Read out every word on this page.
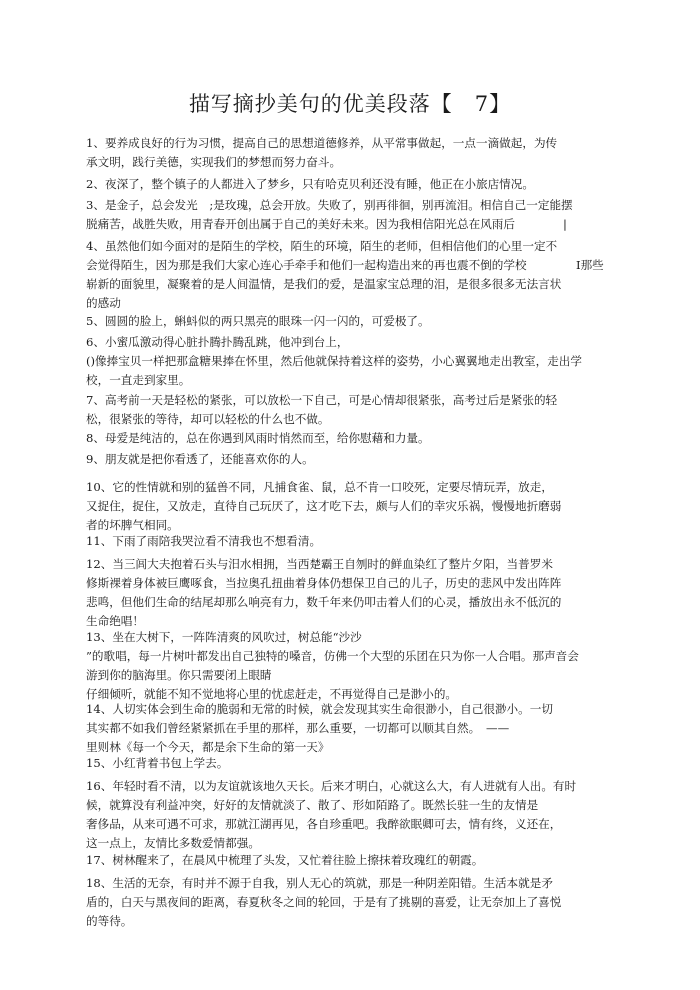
描写摘抄美句的优美段落【　7】
1、要养成良好的行为习惯，提高自己的思想道德修养，从平常事做起，一点一滴做起，为传
承文明，践行美德，实现我们的梦想而努力奋斗。
2、夜深了，整个镇子的人都进入了梦乡，只有哈克贝利还没有睡，他正在小旅店情况。
3、是金子，总会发光　;是玫瑰，总会开放。失败了，别再徘徊，别再流泪。相信自己一定能摆
脱痛苦，战胜失败，用青春开创出属于自己的美好未来。因为我相信阳光总在风雨后	|
4、虽然他们如今面对的是陌生的学校，陌生的环境，陌生的老师，但相信他们的心里一定不
会觉得陌生，因为那是我们大家心连心手牵手和他们一起构造出来的再也震不倒的学校
崭新的面貌里，凝聚着的是人间温情，是我们的爱，是温家宝总理的泪，是很多很多无法言状
的感动
I那些
5、圆圆的脸上，蝌蚪似的两只黑亮的眼珠一闪一闪的，可爱极了。
6、小蜜瓜激动得心脏扑腾扑腾乱跳，他冲到台上，
()像捧宝贝一样把那盒糖果捧在怀里，然后他就保持着这样的姿势，小心翼翼地走出教室，走出学
校，一直走到家里。
7、高考前一天是轻松的紧张，可以放松一下自己，可是心情却很紧张，高考过后是紧张的轻
松，很紧张的等待，却可以轻松的什么也不做。
8、母爱是纯洁的，总在你遇到风雨时悄然而至，给你慰藉和力量。
9、朋友就是把你看透了，还能喜欢你的人。
10、它的性情就和别的猛兽不同，凡捕食雀、鼠，总不肯一口咬死，定要尽情玩弄，放走，
又捉住，捉住，又放走，直待自己玩厌了，这才吃下去，颇与人们的幸灾乐祸，慢慢地折磨弱
者的坏脾气相同。
11、下雨了雨陪我哭泣看不清我也不想看清。
12、当三闾大夫抱着石头与汨水相拥，当西楚霸王自刎时的鲜血染红了整片夕阳，当普罗米
修斯裸着身体被巨鹰啄食，当拉奥孔扭曲着身体仍想保卫自己的儿子，历史的悲风中发出阵阵
悲鸣，但他们生命的结尾却那么响亮有力，数千年来仍叩击着人们的心灵，播放出永不低沉的
生命绝唱！
13、坐在大树下，一阵阵清爽的风吹过，树总能“沙沙
”的歌唱，每一片树叶都发出自己独特的嗓音，仿佛一个大型的乐团在只为你一人合唱。那声音会
游到你的脑海里。你只需要闭上眼睛
仔细倾听，就能不知不觉地将心里的忧虑赶走，不再觉得自己是渺小的。
14、人切实体会到生命的脆弱和无常的时候，就会发现其实生命很渺小，自己很渺小。一切
其实都不如我们曾经紧紧抓在手里的那样，那么重要，一切都可以顺其自然。　——
里则林《每一个今天，都是余下生命的第一天》
15、小红背着书包上学去。
16、年轻时看不清，以为友谊就该地久天长。后来才明白，心就这么大，有人进就有人出。有时
候，就算没有利益冲突，好好的友情就淡了、散了、形如陌路了。既然长驻一生的友情是
奢侈品，从来可遇不可求，那就江湖再见，各自珍重吧。我醉欲眠卿可去，情有终，义还在，
这一点上，友情比多数爱情都强。
17、树林醒来了，在晨风中梳理了头发，又忙着往脸上擦抹着玫瑰红的朝霞。
18、生活的无奈，有时并不源于自我，别人无心的筑就，那是一种阴差阳错。生活本就是矛
盾的，白天与黑夜间的距离，春夏秋冬之间的轮回，于是有了挑剔的喜爱，让无奈加上了喜悦
的等待。
